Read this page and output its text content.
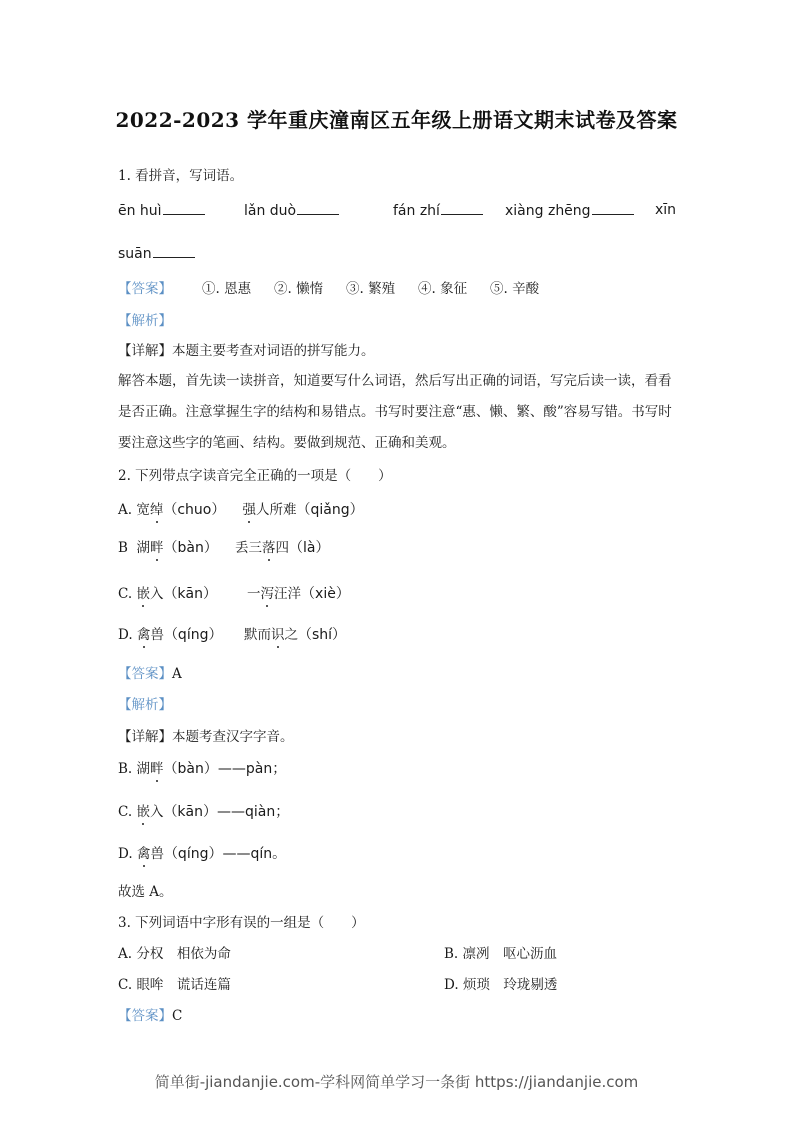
2022-2023 学年重庆潼南区五年级上册语文期末试卷及答案
1. 看拼音，写词语。
ēn huì	lǎn duò	fán zhí	xiàng zhēng	xīn
suān
【答案】 ①. 恩惠 ②. 懒惰 ③. 繁殖 ④. 象征 ⑤. 辛酸
【解析】
【详解】本题主要考查对词语的拼写能力。
解答本题，首先读一读拼音，知道要写什么词语，然后写出正确的词语，写完后读一读，看看是否正确。注意掌握生字的结构和易错点。书写时要注意“惠、懒、繁、酸”容易写错。书写时要注意这些字的笔画、结构。要做到规范、正确和美观。
2. 下列带点字读音完全正确的一项是（　　）
A. 宽绰（chuo） 强人所难（qiǎng）
B 湖畔（bàn） 丢三落四（là）
C. 嵌入（kān） 一泻汪洋（xiè）
D. 禽兽（qíng） 默而识之（shí）
【答案】A
【解析】
【详解】本题考查汉字字音。
B. 湖畔（bàn）——pàn；
C. 嵌入（kān）——qiàn；
D. 禽兽（qíng）——qín。
故选 A。
3. 下列词语中字形有误的一组是（　　）
A. 分权　相依为命	B. 凛冽　呕心沥血
C. 眼哞　谎话连篇	D. 烦琐　玲珑剔透
【答案】C
简单街-jiandanjie.com-学科网简单学习一条街 https://jiandanjie.com
